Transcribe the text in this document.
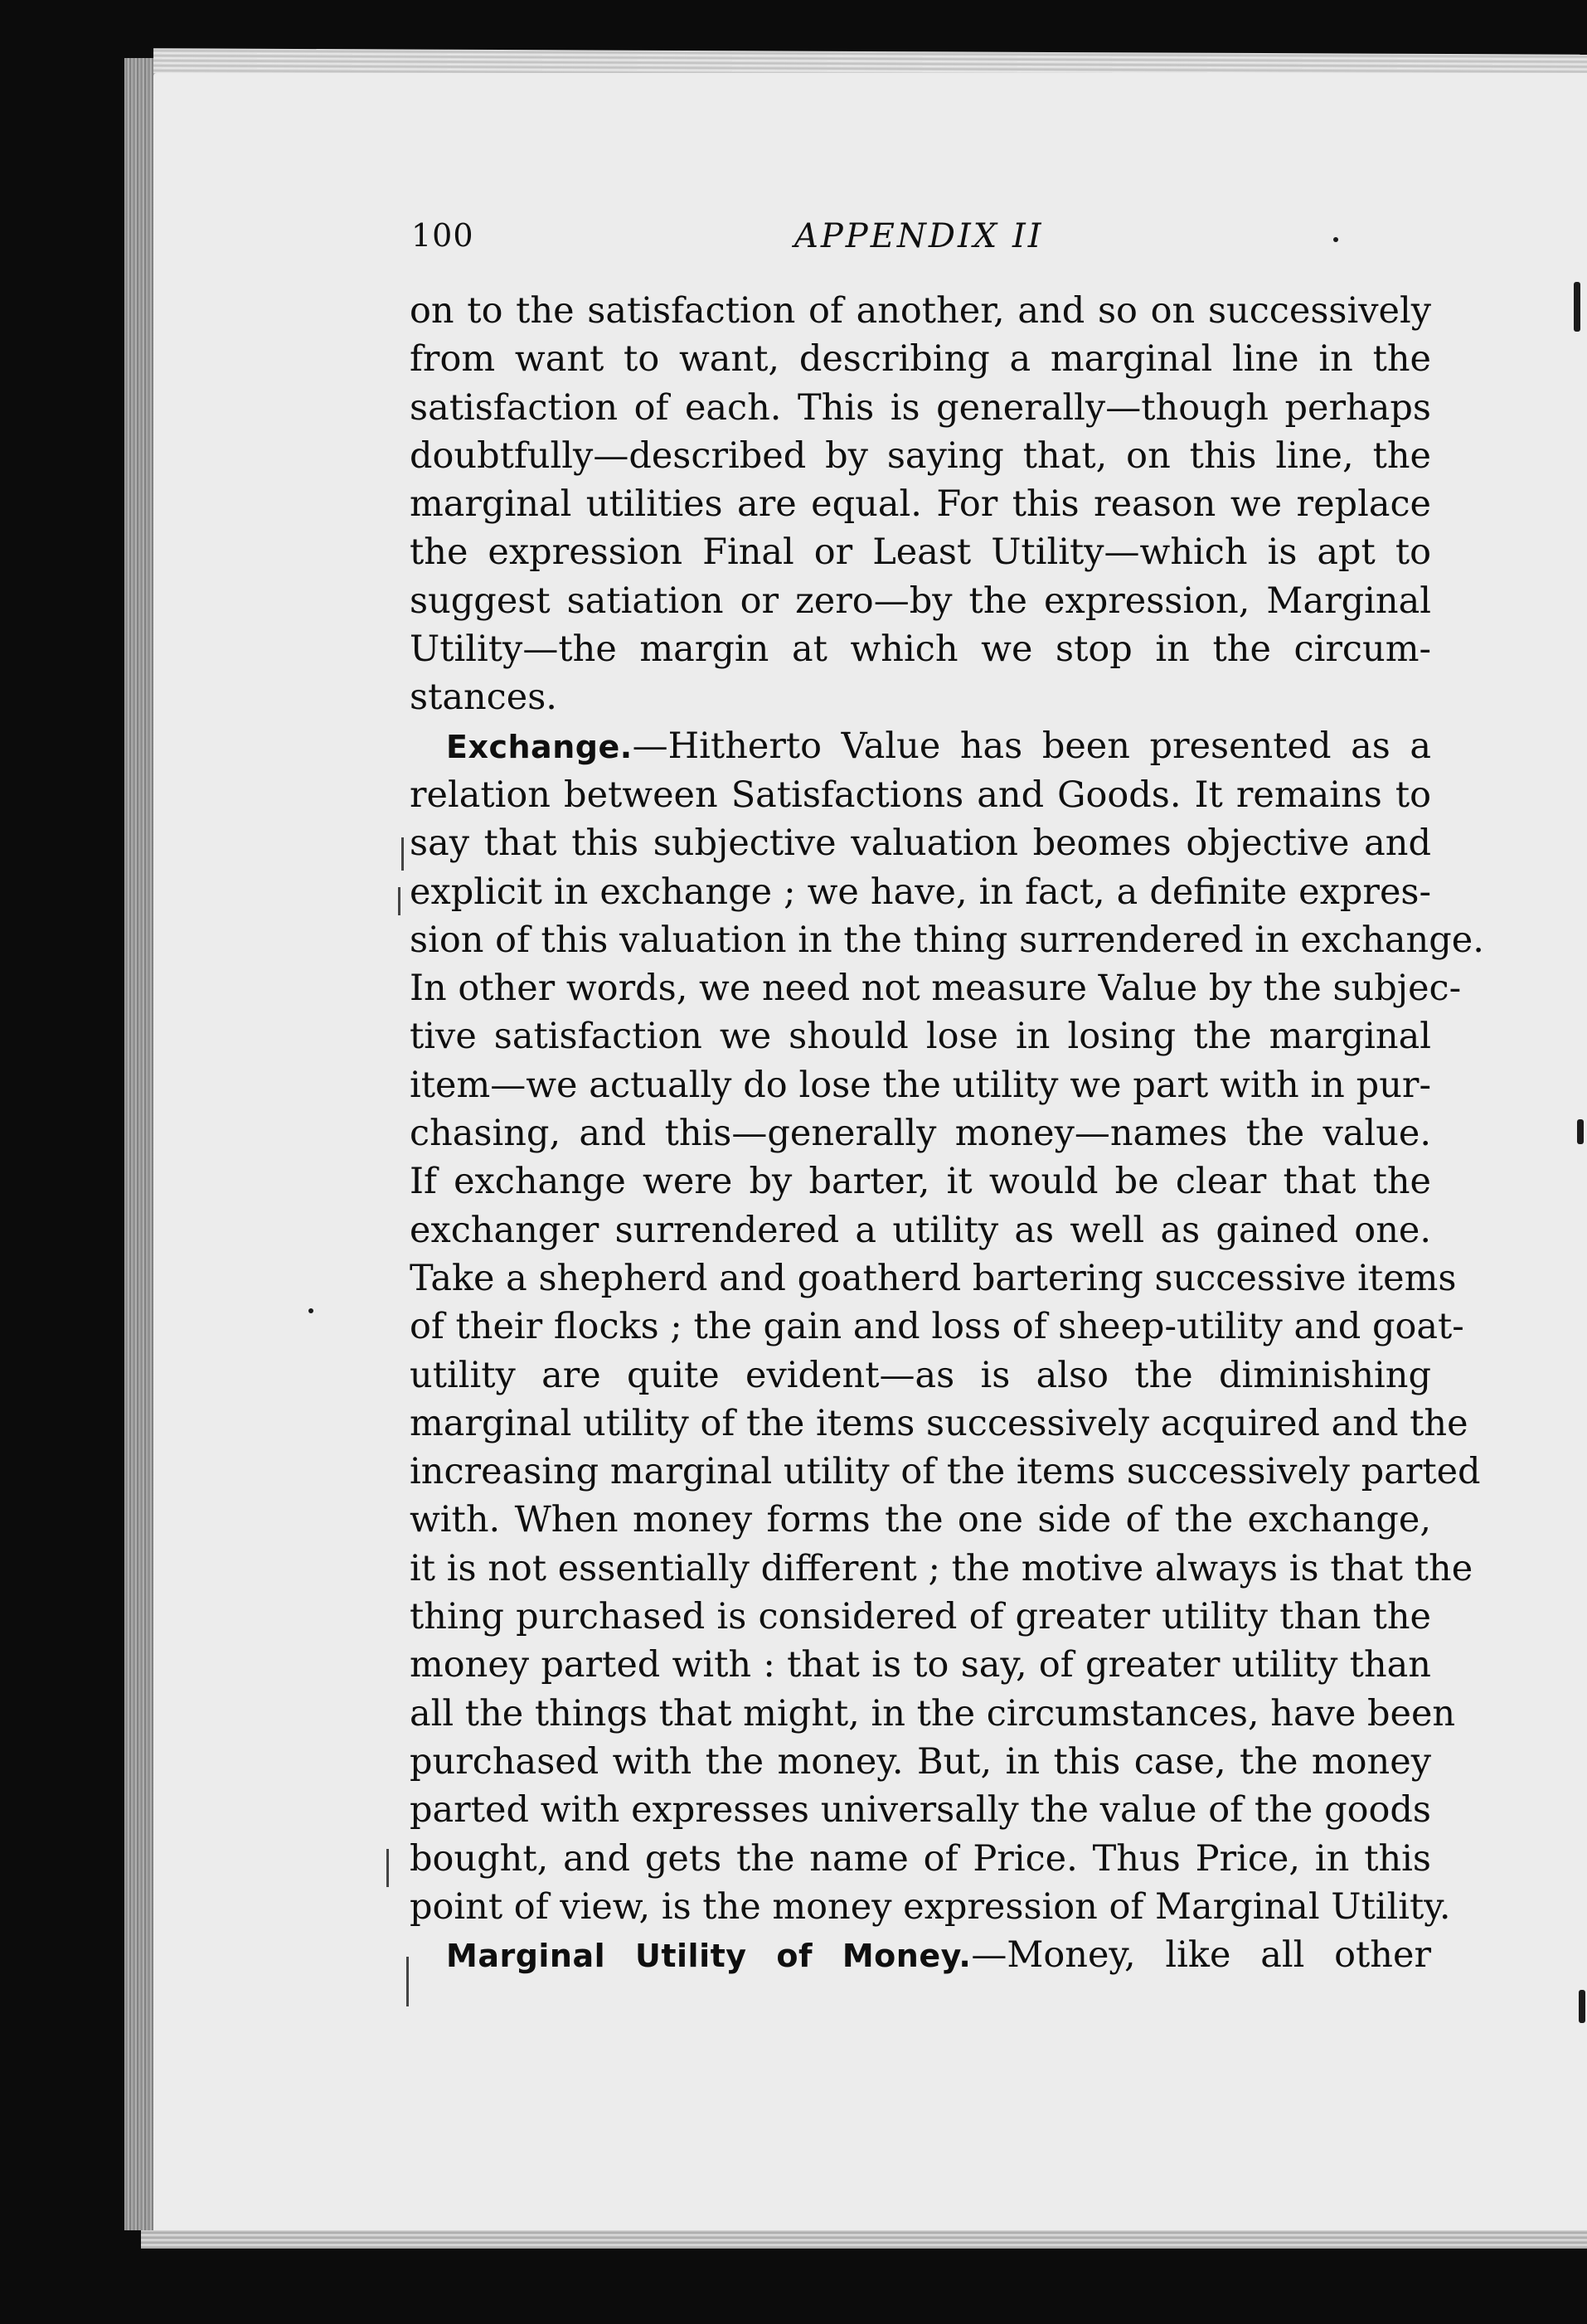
100	APPENDIX II
on to the satisfaction of another, and so on successively
from want to want, describing a marginal line in the
satisfaction of each. This is generally—though perhaps
doubtfully—described by saying that, on this line, the
marginal utilities are equal. For this reason we replace
the expression Final or Least Utility—which is apt to
suggest satiation or zero—by the expression, Marginal
Utility—the margin at which we stop in the circum-
stances.
Exchange.—Hitherto Value has been presented as a
relation between Satisfactions and Goods. It remains to
say that this subjective valuation beomes objective and
explicit in exchange ; we have, in fact, a definite expres-
sion of this valuation in the thing surrendered in exchange.
In other words, we need not measure Value by the subjec-
tive satisfaction we should lose in losing the marginal
item—we actually do lose the utility we part with in pur-
chasing, and this—generally money—names the value.
If exchange were by barter, it would be clear that the
exchanger surrendered a utility as well as gained one.
Take a shepherd and goatherd bartering successive items
of their flocks ; the gain and loss of sheep-utility and goat-
utility are quite evident—as is also the diminishing
marginal utility of the items successively acquired and the
increasing marginal utility of the items successively parted
with. When money forms the one side of the exchange,
it is not essentially different ; the motive always is that the
thing purchased is considered of greater utility than the
money parted with : that is to say, of greater utility than
all the things that might, in the circumstances, have been
purchased with the money. But, in this case, the money
parted with expresses universally the value of the goods
bought, and gets the name of Price. Thus Price, in this
point of view, is the money expression of Marginal Utility.
Marginal Utility of Money.—Money, like all other
